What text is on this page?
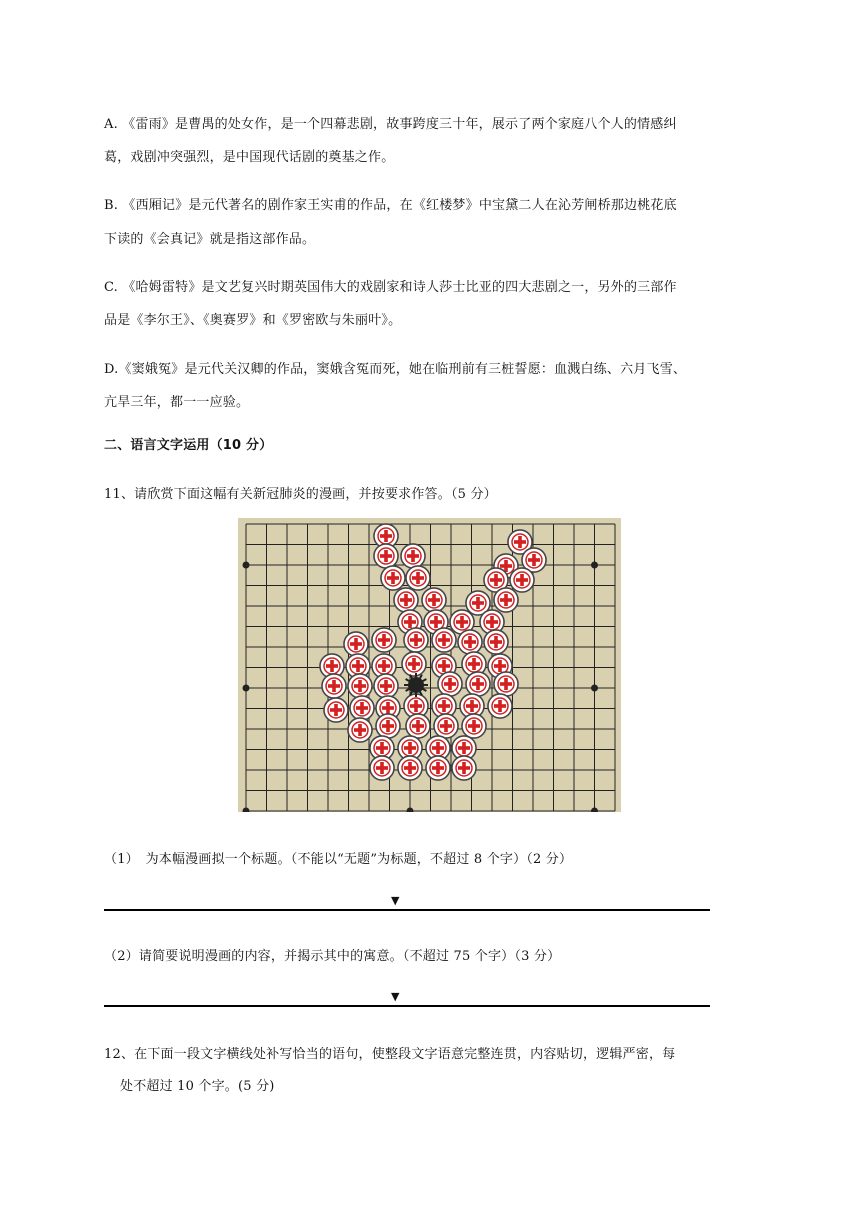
A. 《雷雨》是曹禺的处女作，是一个四幕悲剧，故事跨度三十年，展示了两个家庭八个人的情感纠
葛，戏剧冲突强烈，是中国现代话剧的奠基之作。
B. 《西厢记》是元代著名的剧作家王实甫的作品，在《红楼梦》中宝黛二人在沁芳闸桥那边桃花底
下读的《会真记》就是指这部作品。
C. 《哈姆雷特》是文艺复兴时期英国伟大的戏剧家和诗人莎士比亚的四大悲剧之一，另外的三部作
品是《李尔王》、《奥赛罗》和《罗密欧与朱丽叶》。
D.《窦娥冤》是元代关汉卿的作品，窦娥含冤而死，她在临刑前有三桩誓愿：血溅白练、六月飞雪、
亢旱三年，都一一应验。
二、语言文字运用（10 分）
11、请欣赏下面这幅有关新冠肺炎的漫画，并按要求作答。（5 分）
（1）　为本幅漫画拟一个标题。（不能以“无题”为标题，不超过 8 个字）（2 分）
▼
（2）请简要说明漫画的内容，并揭示其中的寓意。（不超过 75 个字）（3 分）
▼
12、在下面一段文字横线处补写恰当的语句，使整段文字语意完整连贯，内容贴切，逻辑严密，每
处不超过 10 个字。(5 分)
